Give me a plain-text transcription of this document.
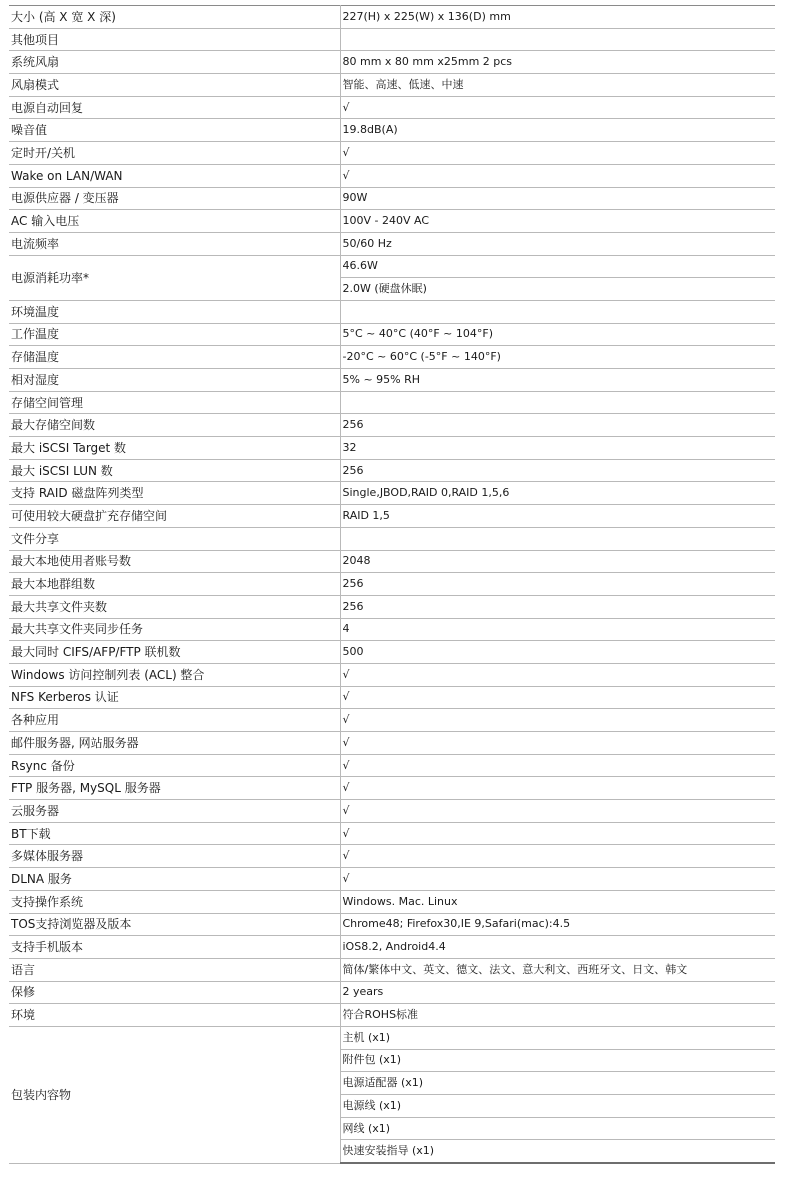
大小 (高 X 宽 X 深)	227(H) x 225(W) x 136(D) mm
其他项目	
系统风扇	80 mm x 80 mm x25mm 2 pcs
风扇模式	智能、高速、低速、中速
电源自动回复	√
噪音值	19.8dB(A)
定时开/关机	√
Wake on LAN/WAN	√
电源供应器 / 变压器	90W
AC 输入电压	100V - 240V AC
电流频率	50/60 Hz
电源消耗功率*	46.6W
	2.0W (硬盘休眠)
环境温度	
工作温度	5°C ~ 40°C (40°F ~ 104°F)
存储温度	-20°C ~ 60°C (-5°F ~ 140°F)
相对湿度	5% ~ 95% RH
存储空间管理	
最大存储空间数	256
最大 iSCSI Target 数	32
最大 iSCSI LUN 数	256
支持 RAID 磁盘阵列类型	Single,JBOD,RAID 0,RAID 1,5,6
可使用较大硬盘扩充存储空间	RAID 1,5
文件分享	
最大本地使用者账号数	2048
最大本地群组数	256
最大共享文件夹数	256
最大共享文件夹同步任务	4
最大同时 CIFS/AFP/FTP 联机数	500
Windows 访问控制列表 (ACL) 整合	√
NFS Kerberos 认证	√
各种应用	√
邮件服务器, 网站服务器	√
Rsync 备份	√
FTP 服务器, MySQL 服务器	√
云服务器	√
BT下载	√
多媒体服务器	√
DLNA 服务	√
支持操作系统	Windows. Mac. Linux
TOS支持浏览器及版本	Chrome48; Firefox30,IE 9,Safari(mac):4.5
支持手机版本	iOS8.2, Android4.4
语言	简体/繁体中文、英文、德文、法文、意大利文、西班牙文、日文、韩文
保修	2 years
环境	符合ROHS标准
包装内容物	主机 (x1)
	附件包 (x1)
	电源适配器 (x1)
	电源线 (x1)
	网线 (x1)
	快速安装指导 (x1)
